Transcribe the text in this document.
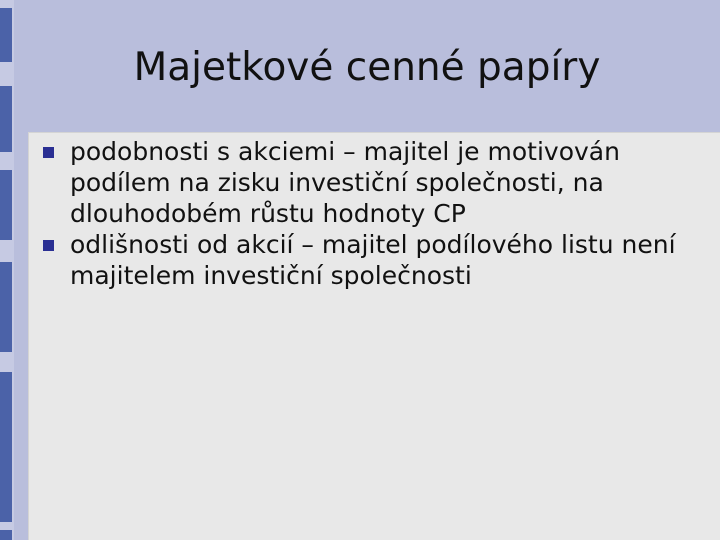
Majetkové cenné papíry
podobnosti s akciemi – majitel je motivován podílem na zisku investiční společnosti, na dlouhodobém růstu hodnoty CP
odlišnosti od akcií – majitel podílového listu není majitelem investiční společnosti
